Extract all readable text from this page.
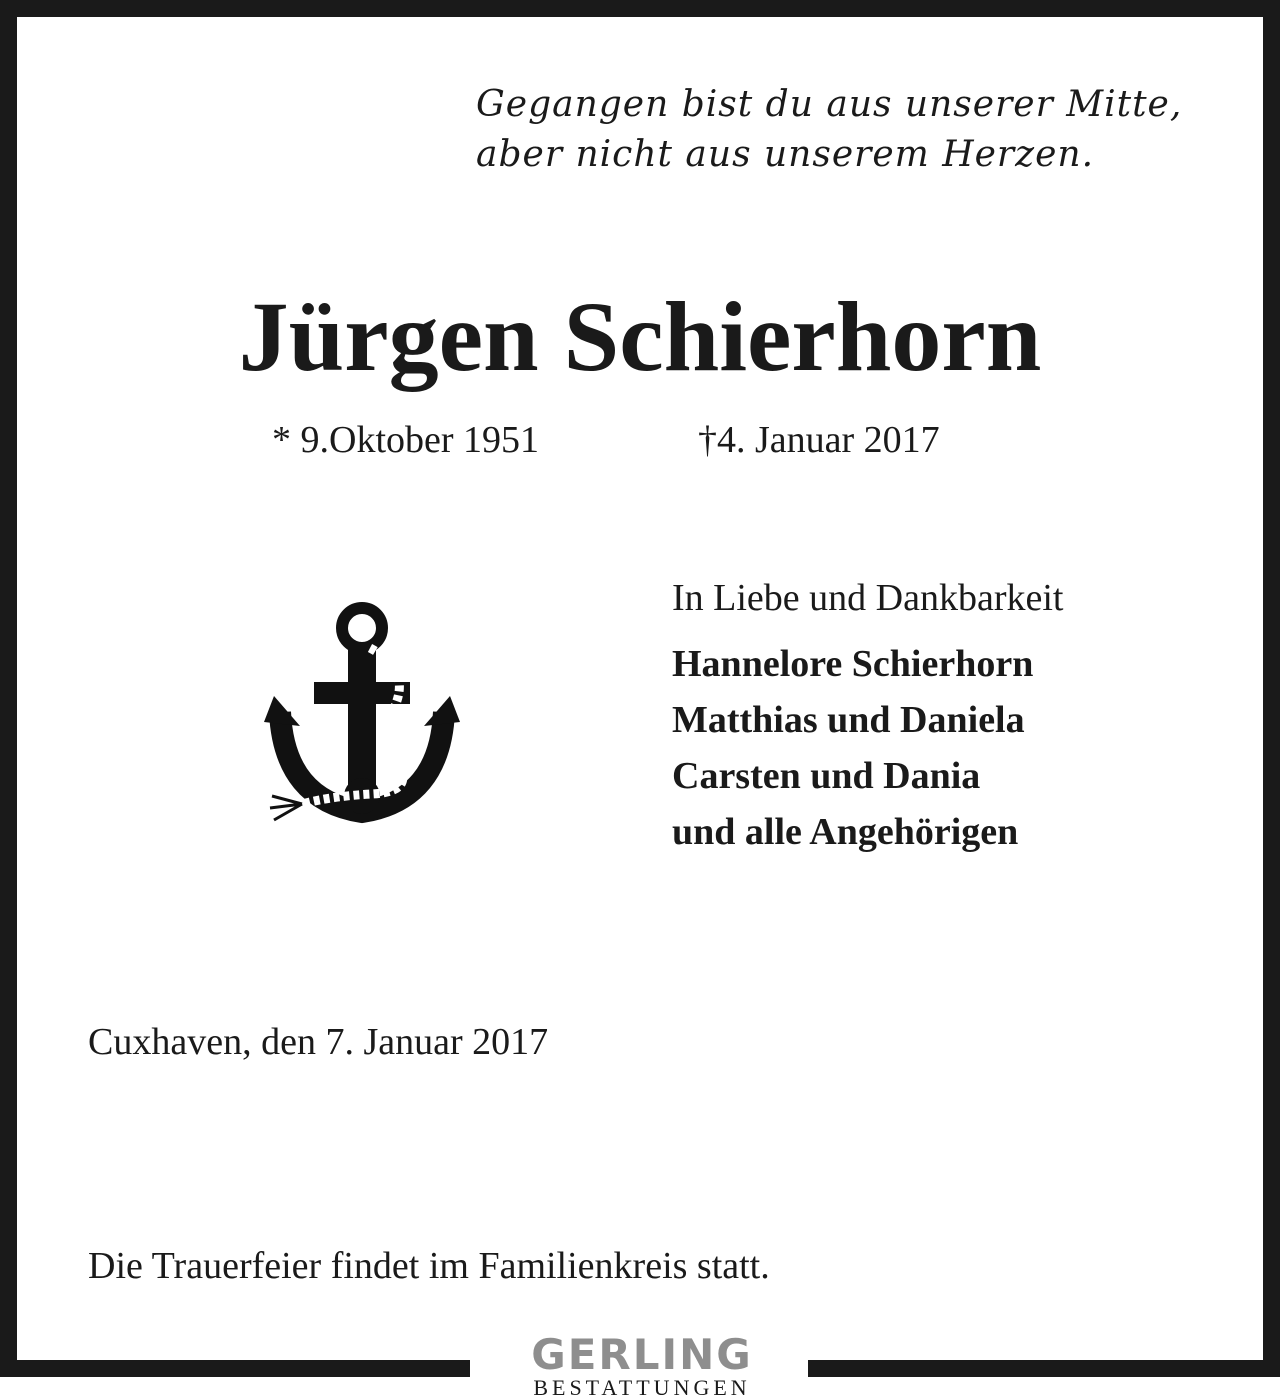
Gegangen bist du aus unserer Mitte,
aber nicht aus unserem Herzen.
Jürgen Schierhorn
* 9.Oktober 1951	†4. Januar 2017
In Liebe und Dankbarkeit
Hannelore Schierhorn
Matthias und Daniela
Carsten und Dania
und alle Angehörigen
Cuxhaven, den 7. Januar 2017
Die Trauerfeier findet im Familienkreis statt.
GERLING
BESTATTUNGEN
